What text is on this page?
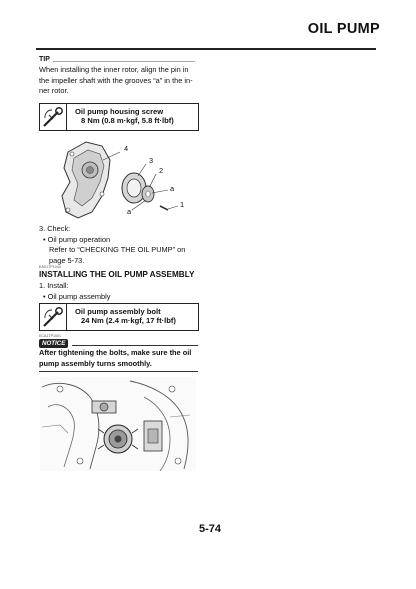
OIL PUMP
TIP
When installing the inner rotor, align the pin in
the impeller shaft with the grooves “a” in the in-
ner rotor.
Oil pump housing screw
8 Nm (0.8 m·kgf, 5.8 ft·lbf)
4
3
2
a
a
1
3. Check:
• Oil pump operation
Refer to “CHECKING THE OIL PUMP” on
page 5-73.
EAS1TP1044
INSTALLING THE OIL PUMP ASSEMBLY
1. Install:
• Oil pump assembly
Oil pump assembly bolt
24 Nm (2.4 m·kgf, 17 ft·lbf)
ECA1TP1001
NOTICE
After tightening the bolts, make sure the oil
pump assembly turns smoothly.
5-74
